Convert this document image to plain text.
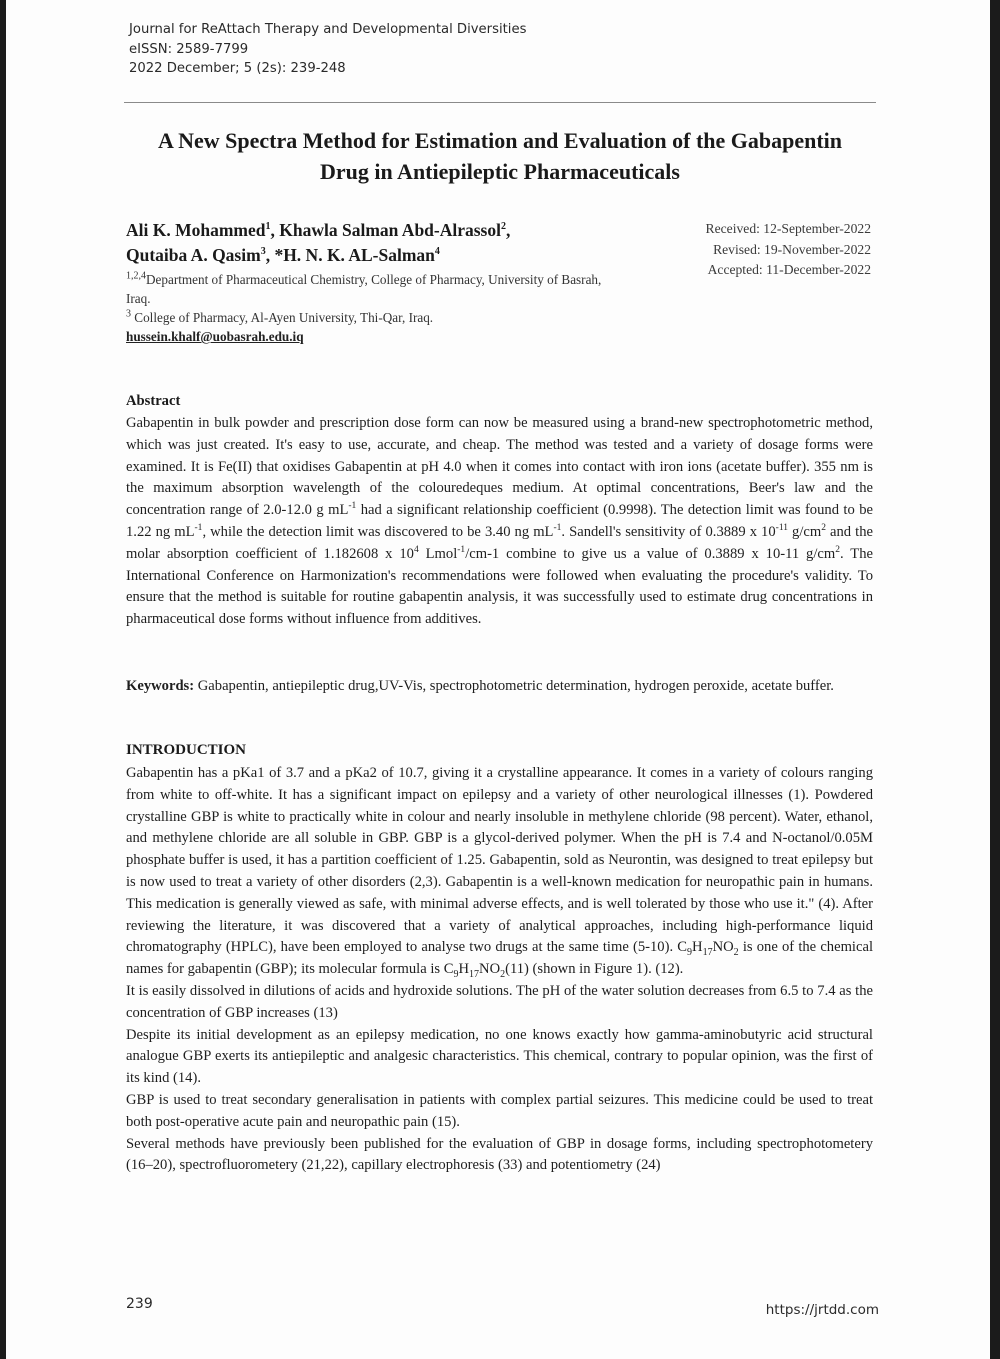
Journal for ReAttach Therapy and Developmental Diversities
eISSN: 2589-7799
2022 December; 5 (2s): 239-248
A New Spectra Method for Estimation and Evaluation of the Gabapentin
Drug in Antiepileptic Pharmaceuticals
Ali K. Mohammed$^1$, Khawla Salman Abd-Alrassol$^2$,
Qutaiba A. Qasim$^3$, *H. N. K. AL-Salman$^4$
$^{1,2,4}$Department of Pharmaceutical Chemistry, College of Pharmacy, University of Basrah, Iraq.
$^3$ College of Pharmacy, Al-Ayen University, Thi-Qar, Iraq.
hussein.khalf@uobasrah.edu.iq
Received: 12-September-2022
Revised: 19-November-2022
Accepted: 11-December-2022
Abstract
Gabapentin in bulk powder and prescription dose form can now be measured using a brand-new spectrophotometric method, which was just created. It's easy to use, accurate, and cheap. The method was tested and a variety of dosage forms were examined. It is Fe(II) that oxidises Gabapentin at pH 4.0 when it comes into contact with iron ions (acetate buffer). 355 nm is the maximum absorption wavelength of the colouredeques medium. At optimal concentrations, Beer's law and the concentration range of 2.0-12.0 g $mL^{-1}$ had a significant relationship coefficient (0.9998). The detection limit was found to be 1.22 ng $mL^{-1}$, while the detection limit was discovered to be 3.40 ng $mL^{-1}$. Sandell's sensitivity of 0.3889 x $10^{-11}$ $g/cm^2$ and the molar absorption coefficient of 1.182608 x $10^4$ Lmol$^{-1}$/cm-1 combine to give us a value of 0.3889 x 10-11 $g/cm^2$. The International Conference on Harmonization's recommendations were followed when evaluating the procedure's validity. To ensure that the method is suitable for routine gabapentin analysis, it was successfully used to estimate drug concentrations in pharmaceutical dose forms without influence from additives.
Keywords: Gabapentin, antiepileptic drug,UV-Vis, spectrophotometric determination, hydrogen peroxide, acetate buffer.
INTRODUCTION

Gabapentin has a pKa1 of 3.7 and a pKa2 of 10.7, giving it a crystalline appearance. It comes in a variety of colours ranging from white to off-white. It has a significant impact on epilepsy and a variety of other neurological illnesses (1). Powdered crystalline GBP is white to practically white in colour and nearly insoluble in methylene chloride (98 percent). Water, ethanol, and methylene chloride are all soluble in GBP. GBP is a glycol-derived polymer. When the pH is 7.4 and N-octanol/0.05M phosphate buffer is used, it has a partition coefficient of 1.25. Gabapentin, sold as Neurontin, was designed to treat epilepsy but is now used to treat a variety of other disorders (2,3). Gabapentin is a well-known medication for neuropathic pain in humans. This medication is generally viewed as safe, with minimal adverse effects, and is well tolerated by those who use it." (4). After reviewing the literature, it was discovered that a variety of analytical approaches, including high-performance liquid chromatography (HPLC), have been employed to analyse two drugs at the same time (5-10). $C_9H_{17}NO_2$ is one of the chemical names for gabapentin (GBP); its molecular formula is $C_9H_{17}NO_2(11)$ (shown in Figure 1). (12).

It is easily dissolved in dilutions of acids and hydroxide solutions. The pH of the water solution decreases from 6.5 to 7.4 as the concentration of GBP increases (13)

Despite its initial development as an epilepsy medication, no one knows exactly how gamma-aminobutyric acid structural analogue GBP exerts its antiepileptic and analgesic characteristics. This chemical, contrary to popular opinion, was the first of its kind (14).

GBP is used to treat secondary generalisation in patients with complex partial seizures. This medicine could be used to treat both post-operative acute pain and neuropathic pain (15).

Several methods have previously been published for the evaluation of GBP in dosage forms, including spectrophotometery (16–20), spectrofluorometery (21,22), capillary electrophoresis (33) and potentiometry (24)

239	https://jrtdd.com
